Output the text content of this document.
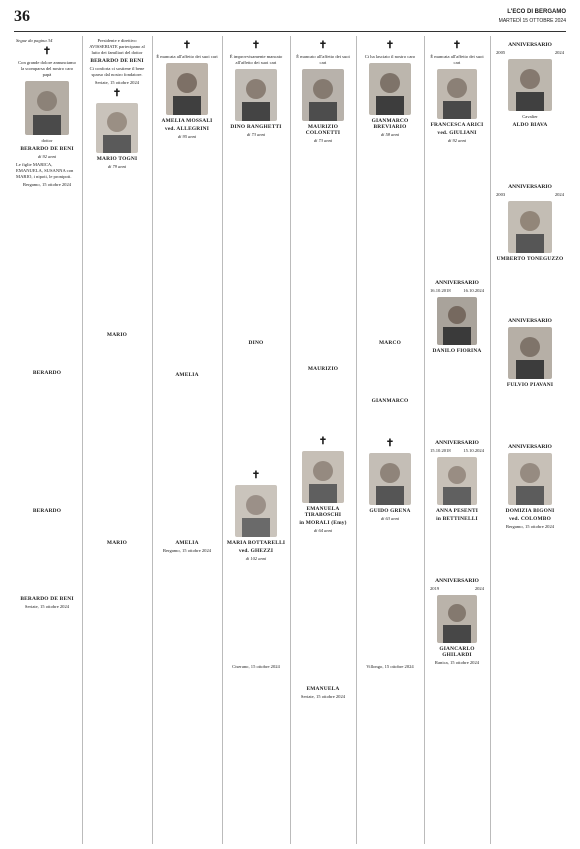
36	L'ECO DI BERGAMO
MARTEDÌ 15 OTTOBRE 2024

Segue da pagina 34

✝

Con grande dolore annunciamo la scomparsa del nostro caro papà

dottor

BERARDO DE BENI

di 92 anni

Le figlie MARICA, EMANUELA, SUSANNA con MARIO, i nipoti, le pronipoti.

Bergamo, 15 ottobre 2024

BERARDO

BERARDO

BERARDO DE BENI

Seriate, 15 ottobre 2024

Presidente e direttivo AVISSERIATE partecipano al lutto dei familiari del dottor

BERARDO DE BENI

Ci conforta ci sostiene il bene sparso dal nostro fondatore.

Seriate, 15 ottobre 2024

✝

MARIO TOGNI

di 79 anni

MARIO

MARIO

✝

È mancata all'affetto dei suoi cari

AMELIA MOSSALI

ved. ALLEGRINI

di 95 anni

AMELIA

AMELIA

Bergamo, 15 ottobre 2024

✝

È improvvisamente mancato all'affetto dei suoi cari

DINO RANGHETTI

di 73 anni

DINO

✝

MARIA BOTTARELLI

ved. GHEZZI

di 102 anni

Ciserano, 15 ottobre 2024

✝

È mancato all'affetto dei suoi cari

MAURIZIO COLONETTI

di 73 anni

MAURIZIO

✝

EMANUELA TIRABOSCHI

in MORALI (Emy)

di 64 anni

EMANUELA

Seriate, 15 ottobre 2024

✝

Ci ha lasciato il nostro caro

GIANMARCO BREVIARIO

di 58 anni

MARCO

GIANMARCO

✝

GUIDO GRENA

di 63 anni

Villongo, 15 ottobre 2024

✝

È mancata all'affetto dei suoi cari

FRANCESCA ARICI

ved. GIULIANI

di 92 anni

ANNIVERSARIO

16.10.2018	16.10.2024

DANILO FIORINA

ANNIVERSARIO

15.10.2018	15.10.2024

ANNA PESENTI

in BETTINELLI

ANNIVERSARIO

2019	2024

GIANCARLO GHILARDI

Ranica, 15 ottobre 2024

ANNIVERSARIO

2005	2024

Cavalier

ALDO BIAVA

ANNIVERSARIO

2003	2024

UMBERTO TONEGUZZO

ANNIVERSARIO

FULVIO PIAVANI

ANNIVERSARIO

DOMIZIA BIGONI

ved. COLOMBO

Bergamo, 15 ottobre 2024
